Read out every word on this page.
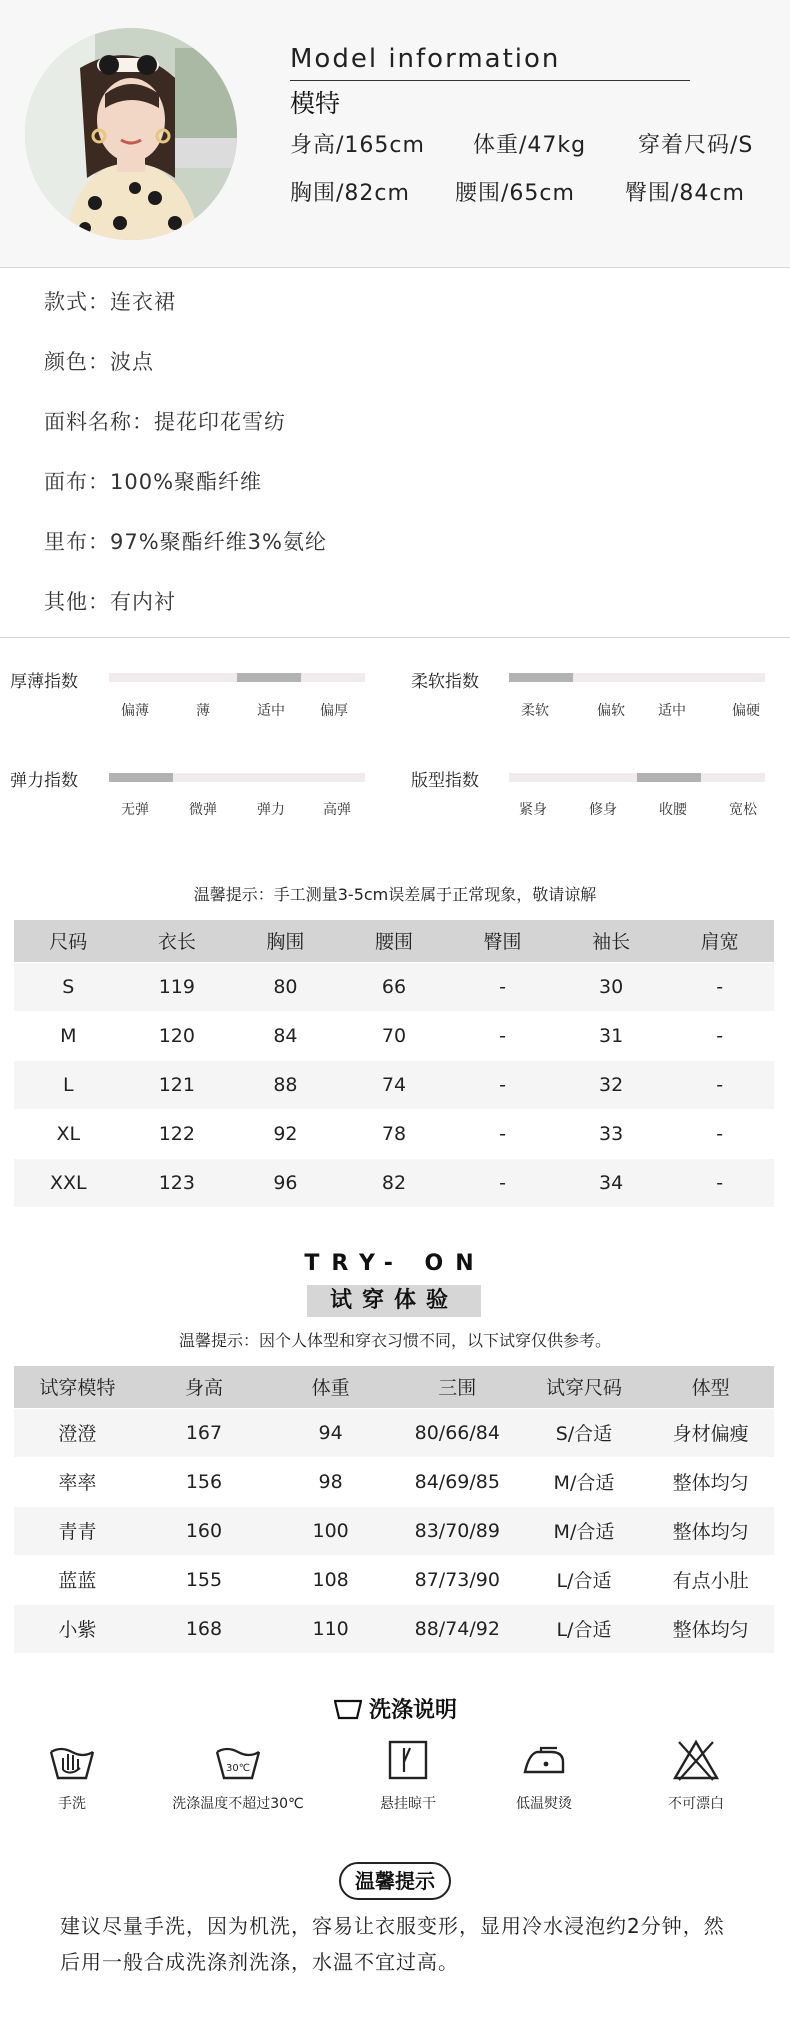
Model information
模特
身高/165cm 体重/47kg 穿着尺码/S
胸围/82cm 腰围/65cm 臀围/84cm
款式：连衣裙
颜色：波点
面料名称：提花印花雪纺
面布：100%聚酯纤维
里布：97%聚酯纤维3%氨纶
其他：有内衬
厚薄指数
偏薄	薄	适中	偏厚
柔软指数
柔软	偏软 适中	偏硬
弹力指数
无弹	微弹	弹力	高弹
版型指数
紧身	修身	收腰	宽松
温馨提示：手工测量3-5cm误差属于正常现象，敬请谅解
尺码	衣长	胸围	腰围	臀围	袖长	肩宽
S	119	80	66	-	30	-
M	120	84	70	-	31	-
L	121	88	74	-	32	-
XL	122	92	78	-	33	-
XXL	123	96	82	-	34	-
TRY- ON
试穿体验
温馨提示：因个人体型和穿衣习惯不同，以下试穿仅供参考。
试穿模特	身高	体重	三围	试穿尺码	体型
澄澄	167	94	80/66/84	S/合适	身材偏瘦
率率	156	98	84/69/85	M/合适	整体均匀
青青	160	100	83/70/89	M/合适	整体均匀
蓝蓝	155	108	87/73/90	L/合适	有点小肚
小紫	168	110	88/74/92	L/合适	整体均匀
洗涤说明
手洗
30℃
洗涤温度不超过30℃	悬挂晾干	低温熨烫	不可漂白
温馨提示
建议尽量手洗，因为机洗，容易让衣服变形，显用冷水浸泡约2分钟，然后用一般合成洗涤剂洗涤，水温不宜过高。
